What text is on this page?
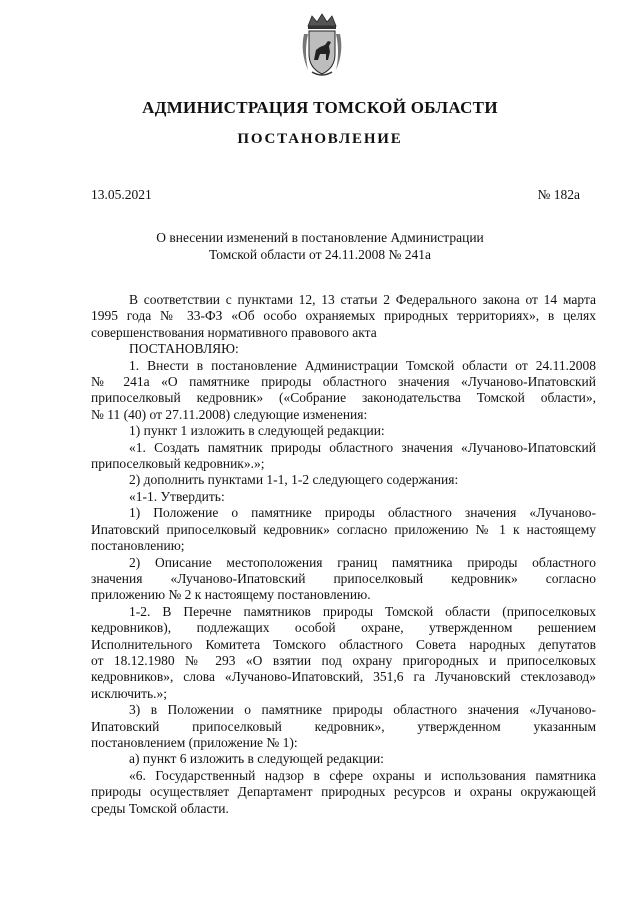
АДМИНИСТРАЦИЯ ТОМСКОЙ ОБЛАСТИ
ПОСТАНОВЛЕНИЕ
13.05.2021	№ 182а
О внесении изменений в постановление Администрации
Томской области от 24.11.2008 № 241а
В соответствии с пунктами 12, 13 статьи 2 Федерального закона от 14 марта
1995 года № 33-ФЗ «Об особо охраняемых природных территориях», в целях
совершенствования нормативного правового акта
ПОСТАНОВЛЯЮ:
1. Внести в постановление Администрации Томской области от 24.11.2008
№ 241а «О памятнике природы областного значения «Лучаново-Ипатовский
припоселковый кедровник» («Собрание законодательства Томской области»,
№ 11 (40) от 27.11.2008) следующие изменения:
1) пункт 1 изложить в следующей редакции:
«1. Создать памятник природы областного значения «Лучаново-Ипатовский
припоселковый кедровник».»;
2) дополнить пунктами 1-1, 1-2 следующего содержания:
«1-1. Утвердить:
1) Положение о памятнике природы областного значения «Лучаново-
Ипатовский припоселковый кедровник» согласно приложению № 1 к настоящему
постановлению;
2) Описание местоположения границ памятника природы областного
значения «Лучаново-Ипатовский припоселковый кедровник» согласно
приложению № 2 к настоящему постановлению.
1-2. В Перечне памятников природы Томской области (припоселковых
кедровников), подлежащих особой охране, утвержденном решением
Исполнительного Комитета Томского областного Совета народных депутатов
от 18.12.1980 № 293 «О взятии под охрану пригородных и припоселковых
кедровников», слова «Лучаново-Ипатовский, 351,6 га Лучановский стеклозавод»
исключить.»;
3) в Положении о памятнике природы областного значения «Лучаново-
Ипатовский припоселковый кедровник», утвержденном указанным
постановлением (приложение № 1):
а) пункт 6 изложить в следующей редакции:
«6. Государственный надзор в сфере охраны и использования памятника
природы осуществляет Департамент природных ресурсов и охраны окружающей
среды Томской области.
